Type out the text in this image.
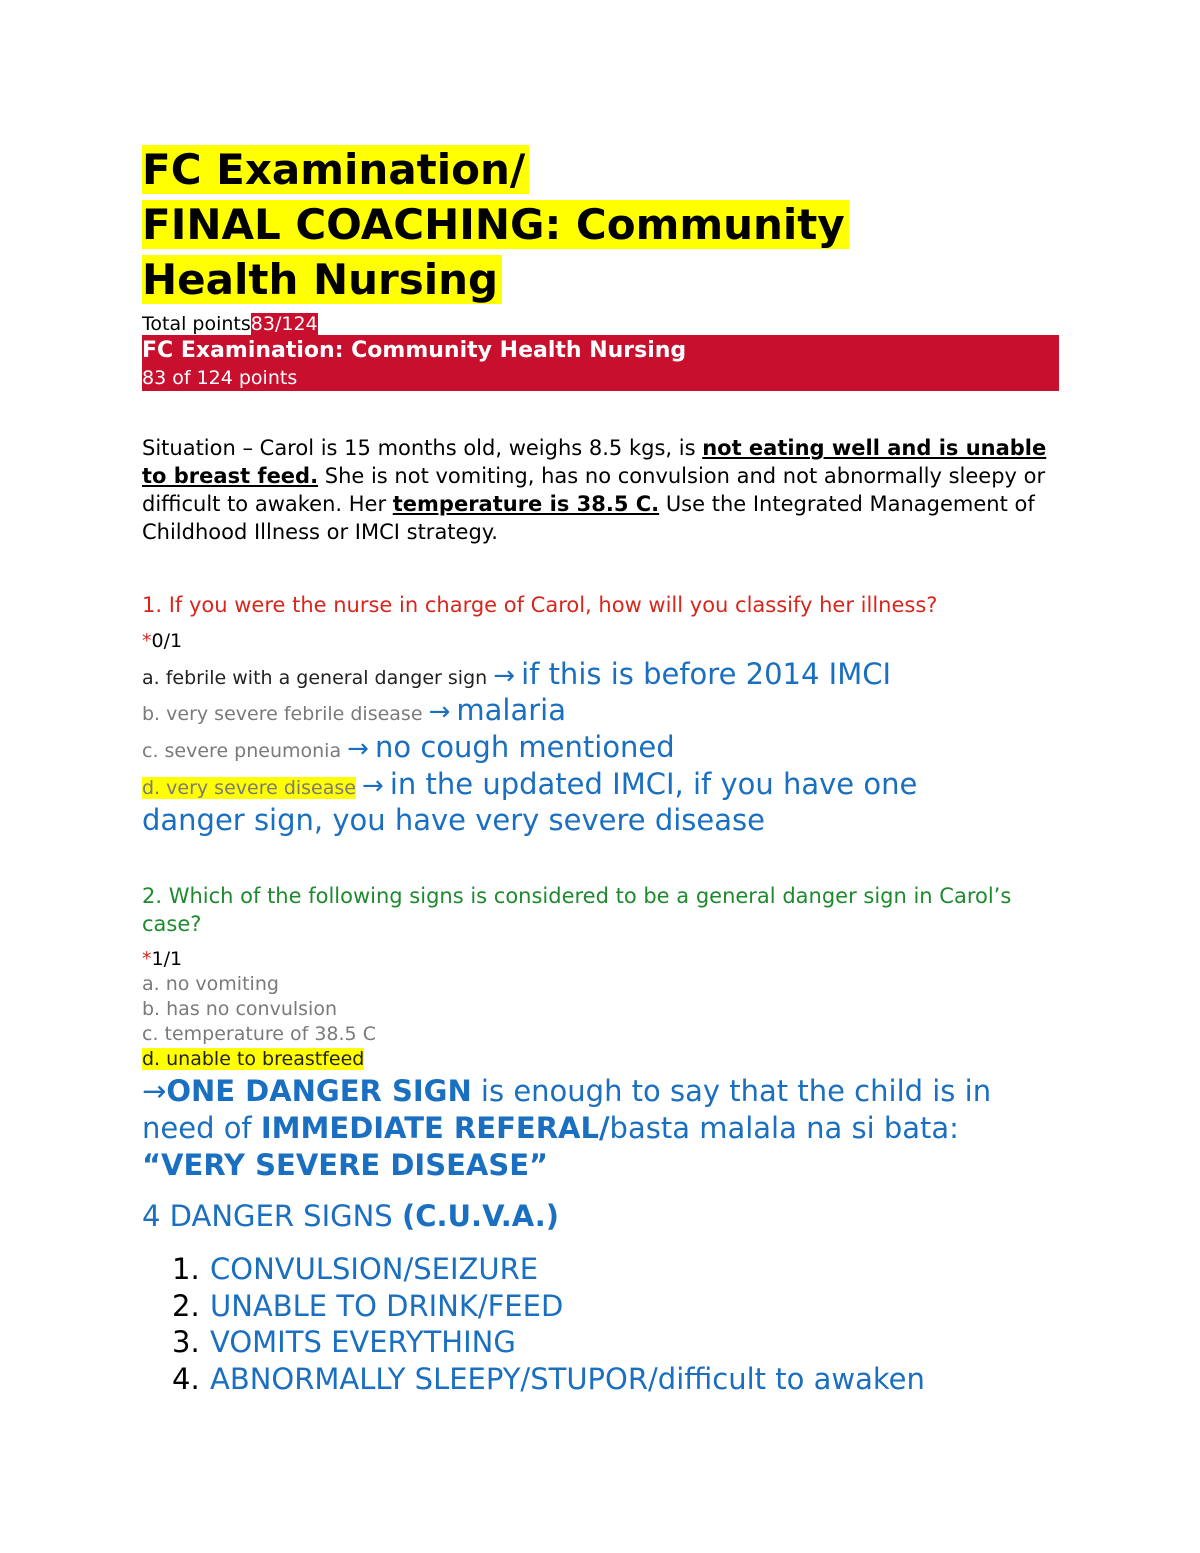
FC Examination/
FINAL COACHING: Community
Health Nursing
Total points83/124
FC Examination: Community Health Nursing
83 of 124 points
Situation – Carol is 15 months old, weighs 8.5 kgs, is not eating well and is unable to breast feed. She is not vomiting, has no convulsion and not abnormally sleepy or difficult to awaken. Her temperature is 38.5 C. Use the Integrated Management of Childhood Illness or IMCI strategy.
1. If you were the nurse in charge of Carol, how will you classify her illness?
*0/1
a. febrile with a general danger sign → if this is before 2014 IMCI
b. very severe febrile disease → malaria
c. severe pneumonia → no cough mentioned
d. very severe disease → in the updated IMCI, if you have one
danger sign, you have very severe disease
2. Which of the following signs is considered to be a general danger sign in Carol’s case?
*1/1
a. no vomiting
b. has no convulsion
c. temperature of 38.5 C
d. unable to breastfeed
→ONE DANGER SIGN is enough to say that the child is in need of IMMEDIATE REFERAL/basta malala na si bata: “VERY SEVERE DISEASE”
4 DANGER SIGNS (C.U.V.A.)
1. CONVULSION/SEIZURE
2. UNABLE TO DRINK/FEED
3. VOMITS EVERYTHING
4. ABNORMALLY SLEEPY/STUPOR/difficult to awaken
